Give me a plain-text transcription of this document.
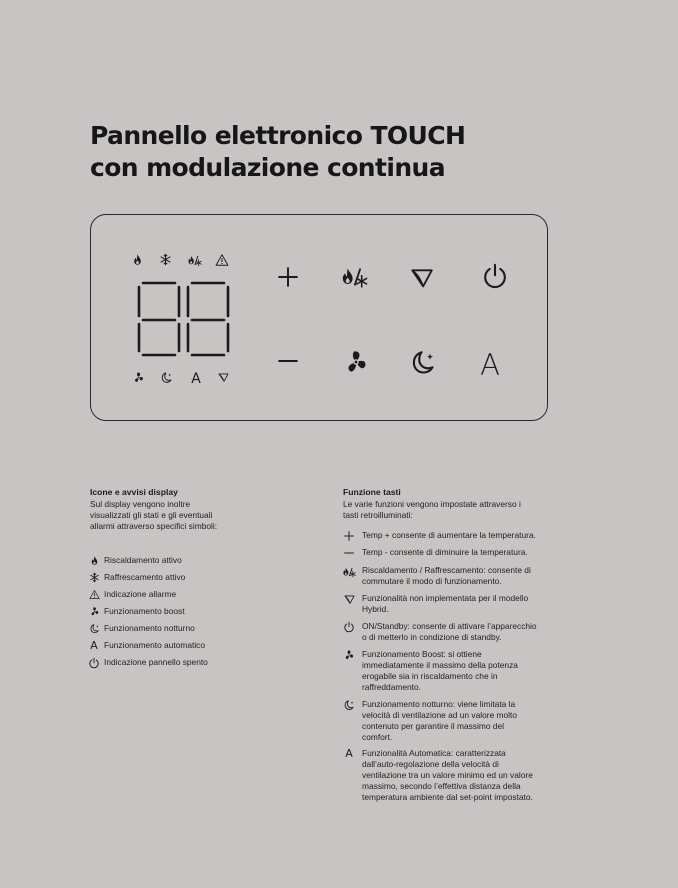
Pannello elettronico TOUCH
con modulazione continua
A	A
Icone e avvisi display
Sul display vengono inoltre
visualizzati gli stati e gli eventuali
allarmi attraverso specifici simboli:
Riscaldamento attivo
Raffrescamento attivo
Indicazione allarme
Funzionamento boost
Funzionamento notturno
A Funzionamento automatico
Indicazione pannello spento
Funzione tasti
Le varie funzioni vengono impostate attraverso i
tasti retroilluminati:
Temp + consente di aumentare la temperatura.
Temp - consente di diminuire la temperatura.
Riscaldamento / Raffrescamento: consente di
commutare il modo di funzionamento.
Funzionalità non implementata per il modello
Hybrid.
ON/Standby: consente di attivare l’apparecchio
o di metterlo in condizione di standby.
Funzionamento Boost: si ottiene
immediatamente il massimo della potenza
erogabile sia in riscaldamento che in
raffreddamento.
Funzionamento notturno: viene limitata la
velocità di ventilazione ad un valore molto
contenuto per garantire il massimo del
comfort.
A	Funzionalità Automatica: caratterizzata
dall’auto-regolazione della velocità di
ventilazione tra un valore minimo ed un valore
massimo, secondo l’effettiva distanza della
temperatura ambiente dal set-point impostato.
